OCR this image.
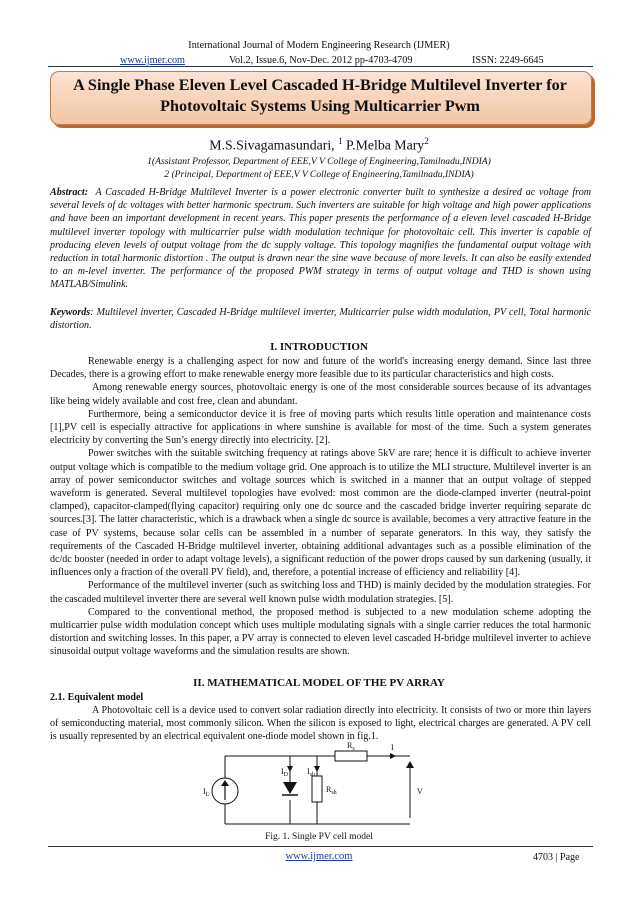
International Journal of Modern Engineering Research (IJMER)
www.ijmer.com	Vol.2, Issue.6, Nov-Dec. 2012 pp-4703-4709	ISSN: 2249-6645
A Single Phase Eleven Level Cascaded H-Bridge Multilevel Inverter for
Photovoltaic Systems Using Multicarrier Pwm
M.S.Sivagamasundari, $^1$ P.Melba Mary$^2$
1(Assistant Professor, Department of EEE,V V College of Engineering,Tamilnadu,INDIA)
2 (Principal, Department of EEE,V V College of Engineering,Tamilnadu,INDIA)
Abstract: A Cascaded H-Bridge Multilevel Inverter is a power electronic converter built to synthesize a desired ac voltage from several levels of dc voltages with better harmonic spectrum. Such inverters are suitable for high voltage and high power applications and have been an important development in recent years. This paper presents the performance of a eleven level cascaded H-Bridge multilevel inverter topology with multicarrier pulse width modulation technique for photovoltaic cell. This inverter is capable of producing eleven levels of output voltage from the dc supply voltage. This topology magnifies the fundamental output voltage with reduction in total harmonic distortion . The output is drawn near the sine wave because of more levels. It can also be easily extended to an m-level inverter. The performance of the proposed PWM strategy in terms of output voltage and THD is shown using MATLAB/Simulink.
Keywords: Multilevel inverter, Cascaded H-Bridge multilevel inverter, Multicarrier pulse width modulation, PV cell, Total harmonic distortion.
I. INTRODUCTION
Renewable energy is a challenging aspect for now and future of the world's increasing energy demand. Since last three Decades, there is a growing effort to make renewable energy more feasible due to its particular characteristics and high costs.
Among renewable energy sources, photovoltaic energy is one of the most considerable sources because of its advantages like being widely available and cost free, clean and abundant.
Furthermore, being a semiconductor device it is free of moving parts which results little operation and maintenance costs [1],PV cell is especially attractive for applications in where sunshine is available for most of the time. Such a system generates electricity by converting the Sun’s energy directly into electricity. [2].
Power switches with the suitable switching frequency at ratings above 5kV are rare; hence it is difficult to achieve inverter output voltage which is compatible to the medium voltage grid. One approach is to utilize the MLI structure. Multilevel inverter is an array of power semiconductor switches and voltage sources which is switched in a manner that an output voltage of stepped waveform is generated. Several multilevel topologies have evolved: most common are the diode-clamped inverter (neutral-point clamped), capacitor-clamped(flying capacitor) requiring only one dc source and the cascaded bridge inverter requiring separate dc sources.[3]. The latter characteristic, which is a drawback when a single dc source is available, becomes a very attractive feature in the case of PV systems, because solar cells can be assembled in a number of separate generators. In this way, they satisfy the requirements of the Cascaded H-Bridge multilevel inverter, obtaining additional advantages such as a possible elimination of the dc/dc booster (needed in order to adapt voltage levels), a significant reduction of the power drops caused by sun darkening (usually, it influences only a fraction of the overall PV field), and, therefore, a potential increase of efficiency and reliability [4].
Performance of the multilevel inverter (such as switching loss and THD) is mainly decided by the modulation strategies. For the cascaded multilevel inverter there are several well known pulse width modulation strategies. [5].
Compared to the conventional method, the proposed method is subjected to a new modulation scheme adopting the multicarrier pulse width modulation concept which uses multiple modulating signals with a single carrier reduces the total harmonic distortion and switching losses. In this paper, a PV array is connected to eleven level cascaded H-bridge multilevel inverter to achieve sinusoidal output voltage waveforms and the simulation results are shown.
II. MATHEMATICAL MODEL OF THE PV ARRAY
2.1. Equivalent model
A Photovoltaic cell is a device used to convert solar radiation directly into electricity. It consists of two or more thin layers of semiconducting material, most commonly silicon. When the silicon is exposed to light, electrical charges are generated. A PV cell is usually represented by an electrical equivalent one-diode model shown in fig.1.
$I_L$
$I_D$ $I_{sh}$
$R_s$
$R_{sh}$
I
V
Fig. 1. Single PV cell model
www.ijmer.com	4703 | Page
